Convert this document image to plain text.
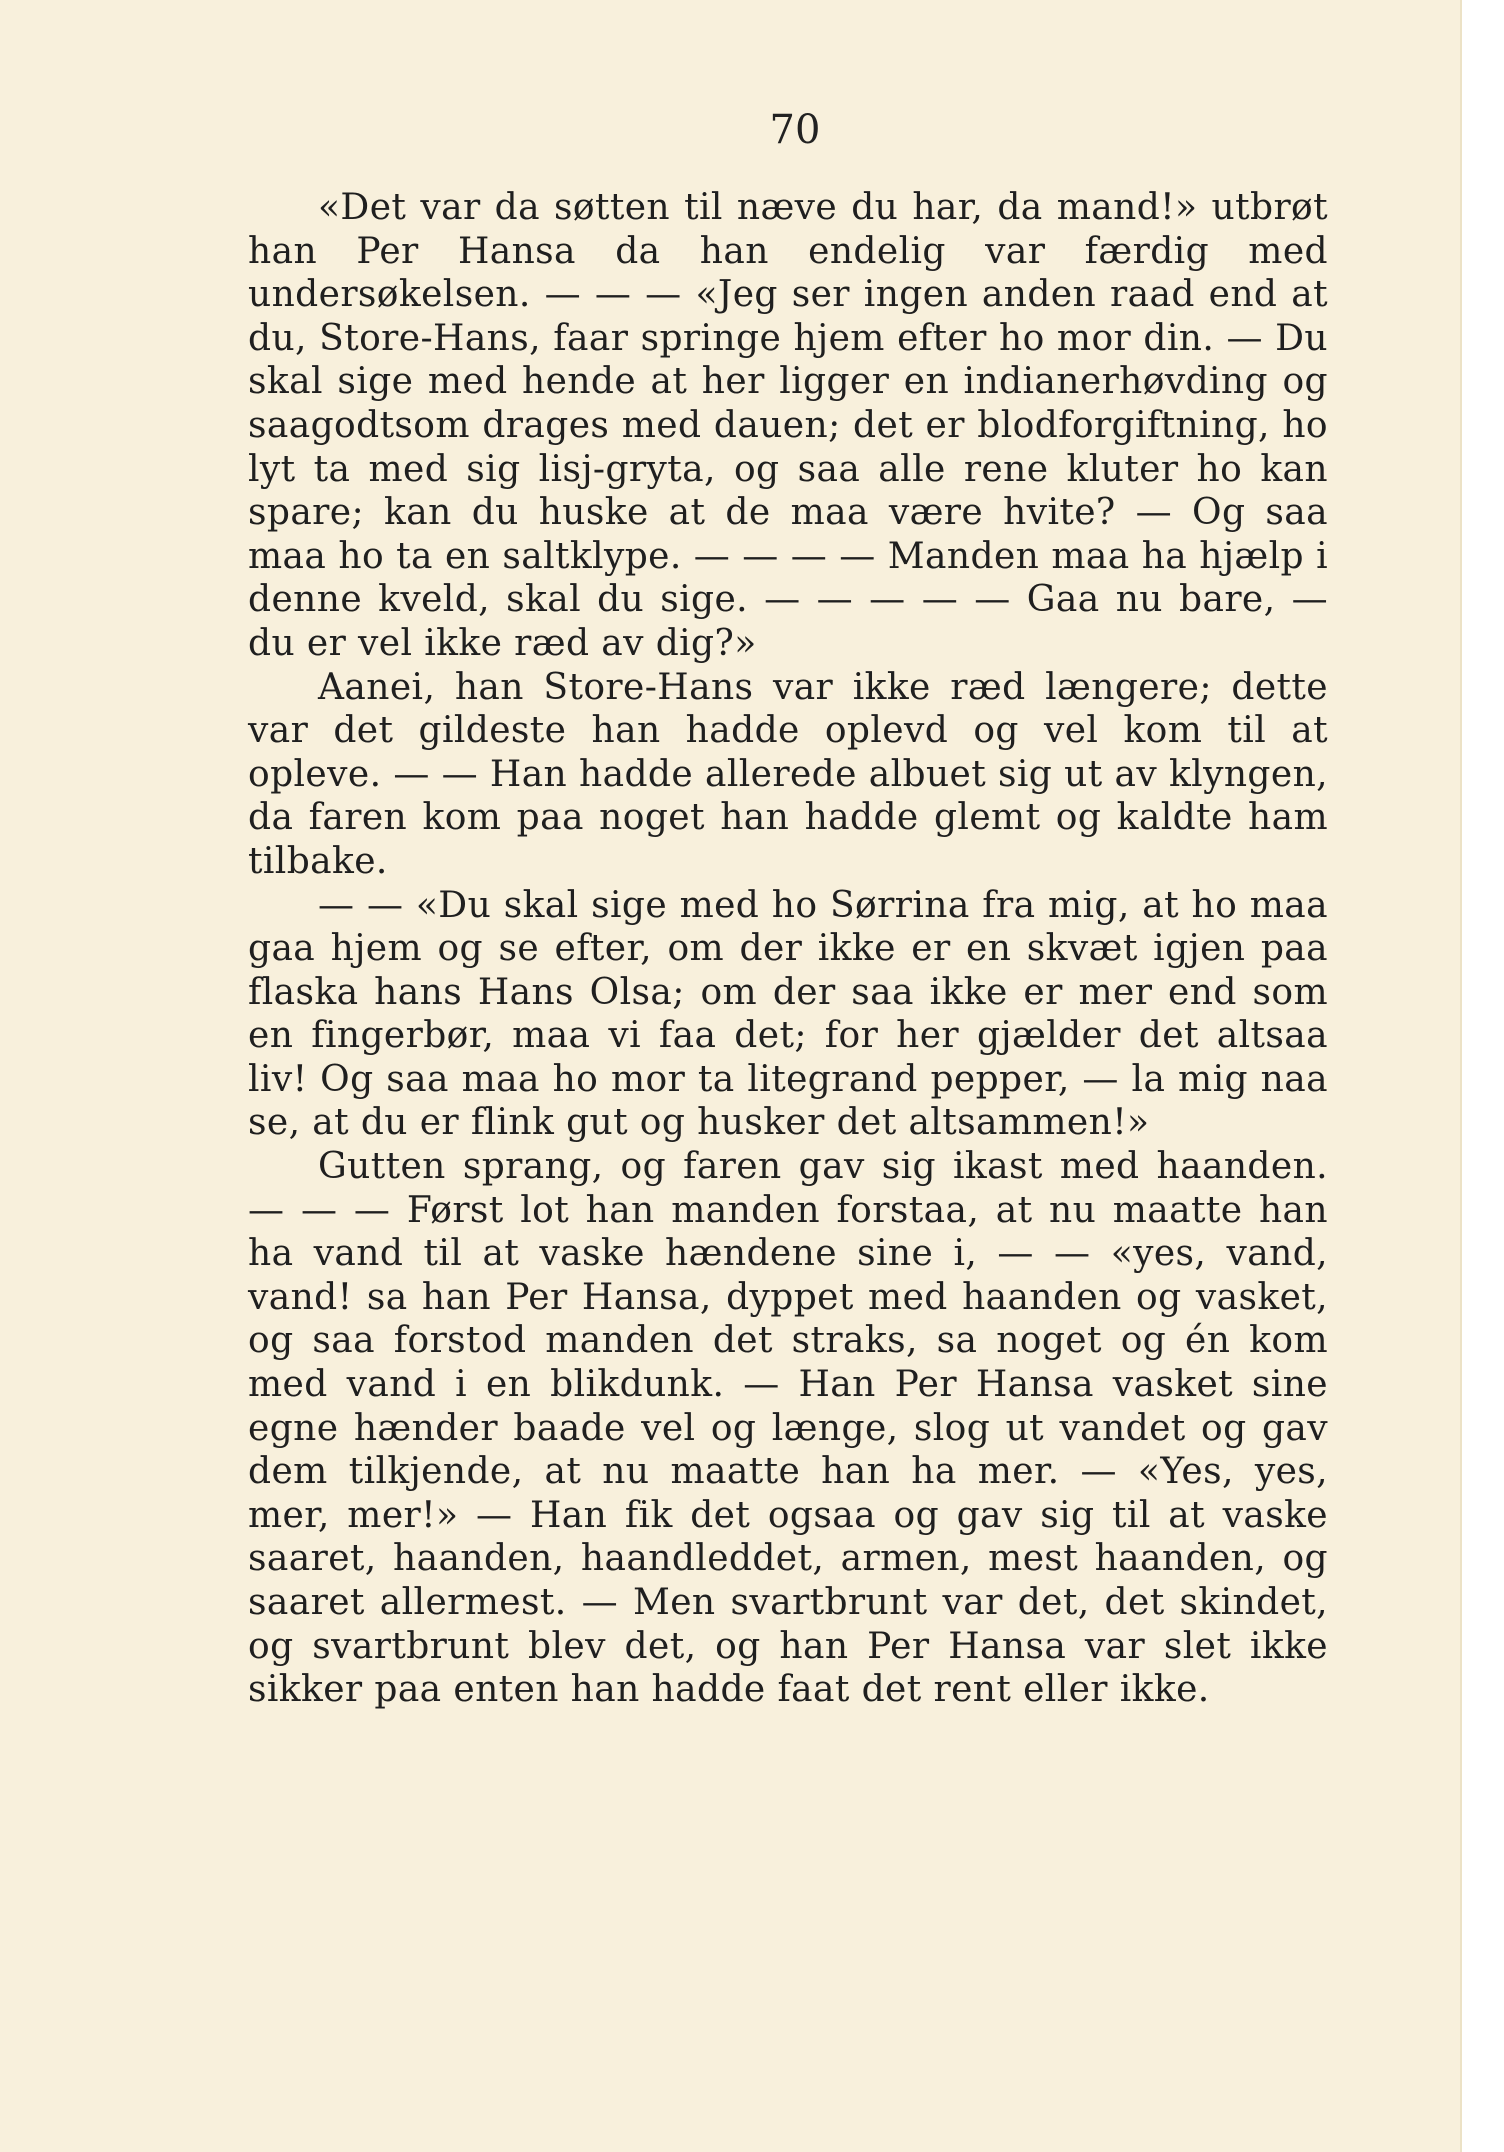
70

«Det var da søtten til næve du har, da mand!» utbrøt han Per Hansa da han endelig var færdig med undersøkelsen. — — — «Jeg ser ingen anden raad end at du, Store-Hans, faar springe hjem efter ho mor din. — Du skal sige med hende at her ligger en indianerhøvding og saagodtsom drages med dauen; det er blodforgiftning, ho lyt ta med sig lisj-gryta, og saa alle rene kluter ho kan spare; kan du huske at de maa være hvite? — Og saa maa ho ta en saltklype. — — — — Manden maa ha hjælp i denne kveld, skal du sige. — — — — — Gaa nu bare, — du er vel ikke ræd av dig?»

Aanei, han Store-Hans var ikke ræd længere; dette var det gildeste han hadde oplevd og vel kom til at opleve. — — Han hadde allerede albuet sig ut av klyngen, da faren kom paa noget han hadde glemt og kaldte ham tilbake.

— — «Du skal sige med ho Sørrina fra mig, at ho maa gaa hjem og se efter, om der ikke er en skvæt igjen paa flaska hans Hans Olsa; om der saa ikke er mer end som en fingerbør, maa vi faa det; for her gjælder det altsaa liv! Og saa maa ho mor ta litegrand pepper, — la mig naa se, at du er flink gut og husker det altsammen!»

Gutten sprang, og faren gav sig ikast med haanden. — — — Først lot han manden forstaa, at nu maatte han ha vand til at vaske hændene sine i, — — «yes, vand, vand! sa han Per Hansa, dyppet med haanden og vasket, og saa forstod manden det straks, sa noget og én kom med vand i en blikdunk. — Han Per Hansa vasket sine egne hænder baade vel og længe, slog ut vandet og gav dem tilkjende, at nu maatte han ha mer. — «Yes, yes, mer, mer!» — Han fik det ogsaa og gav sig til at vaske saaret, haanden, haandleddet, armen, mest haanden, og saaret allermest. — Men svartbrunt var det, det skindet, og svartbrunt blev det, og han Per Hansa var slet ikke sikker paa enten han hadde faat det rent eller ikke.
